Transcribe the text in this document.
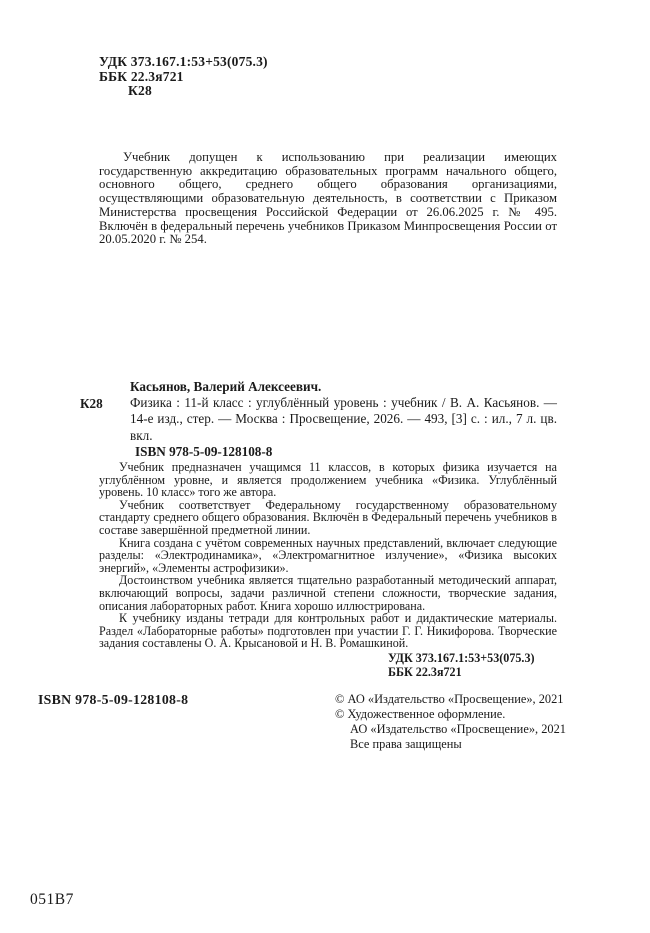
УДК 373.167.1:53+53(075.3)
ББК 22.3я721
К28
Учебник допущен к использованию при реализации имеющих государственную аккредитацию образовательных программ начального общего, основного общего, среднего общего образования организациями, осуществляющими образовательную деятельность, в соответствии с Приказом Министерства просвещения Российской Федерации от 26.06.2025 г. № 495. Включён в федеральный перечень учебников Приказом Минпросвещения России от 20.05.2020 г. № 254.
К28
Касьянов, Валерий Алексеевич.
Физика : 11-й класс : углублённый уровень : учебник / В. А. Касьянов. — 14-е изд., стер. — Москва : Просвещение, 2026. — 493, [3] с. : ил., 7 л. цв. вкл.
ISBN 978-5-09-128108-8

Учебник предназначен учащимся 11 классов, в которых физика изучается на углублённом уровне, и является продолжением учебника «Физика. Углублённый уровень. 10 класс» того же автора.

Учебник соответствует Федеральному государственному образовательному стандарту среднего общего образования. Включён в Федеральный перечень учебников в составе завершённой предметной линии.

Книга создана с учётом современных научных представлений, включает следующие разделы: «Электродинамика», «Электромагнитное излучение», «Физика высоких энергий», «Элементы астрофизики».

Достоинством учебника является тщательно разработанный методический аппарат, включающий вопросы, задачи различной степени сложности, творческие задания, описания лабораторных работ. Книга хорошо иллюстрирована.

К учебнику изданы тетради для контрольных работ и дидактические материалы. Раздел «Лабораторные работы» подготовлен при участии Г. Г. Никифорова. Творческие задания составлены О. А. Крысановой и Н. В. Ромашкиной.

УДК 373.167.1:53+53(075.3)
ББК 22.3я721
ISBN 978-5-09-128108-8	© АО «Издательство «Просвещение», 2021
© Художественное оформление.
АО «Издательство «Просвещение», 2021
Все права защищены
051B7
